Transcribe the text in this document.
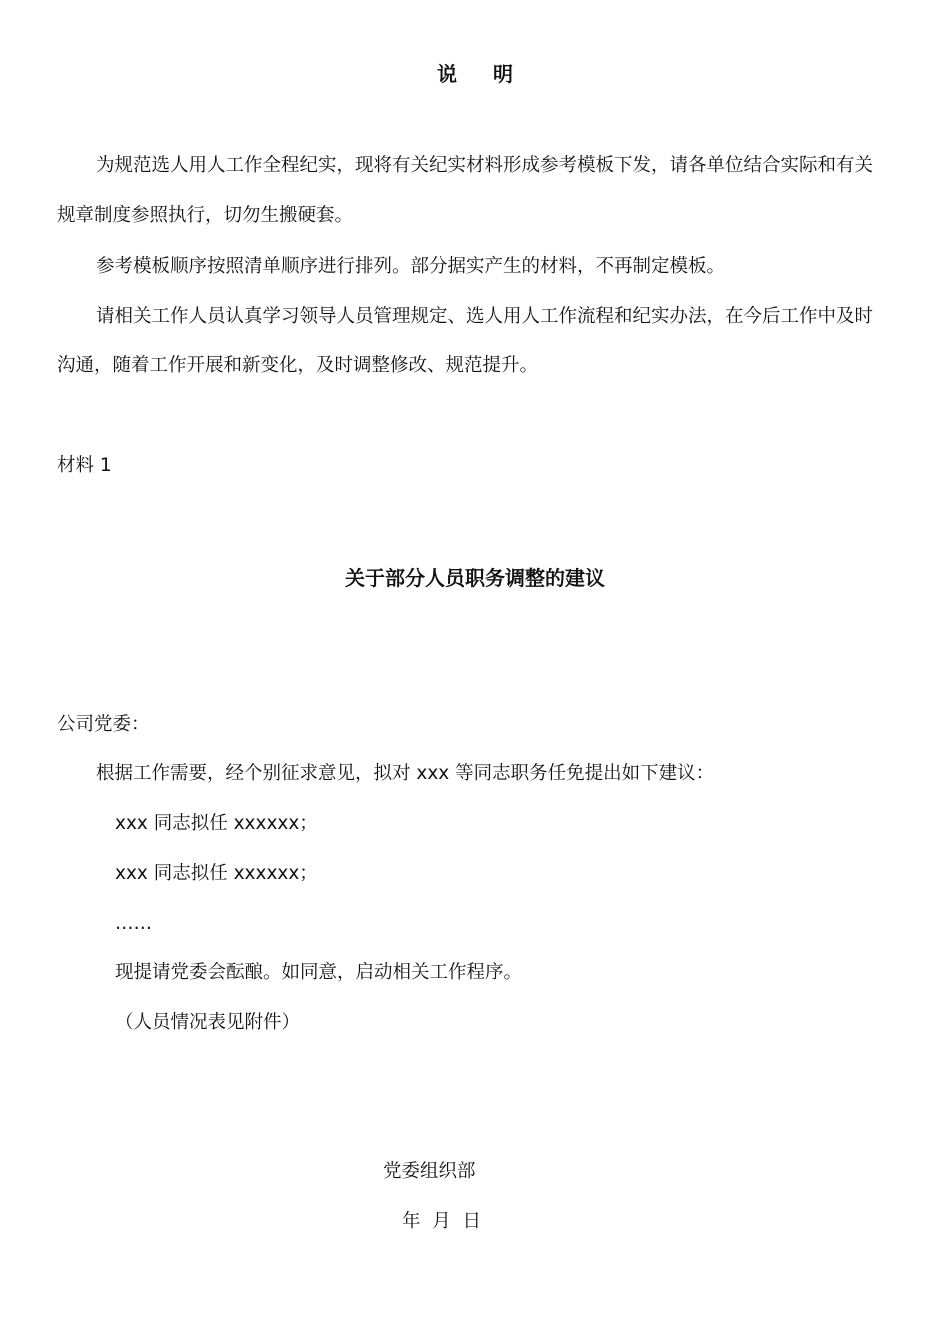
说 明
为规范选人用人工作全程纪实，现将有关纪实材料形成参考模板下发，请各单位结合实际和有关
规章制度参照执行，切勿生搬硬套。
参考模板顺序按照清单顺序进行排列。部分据实产生的材料，不再制定模板。
请相关工作人员认真学习领导人员管理规定、选人用人工作流程和纪实办法，在今后工作中及时
沟通，随着工作开展和新变化，及时调整修改、规范提升。
材料 1
关于部分人员职务调整的建议
公司党委：
根据工作需要，经个别征求意见，拟对 xxx 等同志职务任免提出如下建议：
xxx 同志拟任 xxxxxx；
xxx 同志拟任 xxxxxx；
……
现提请党委会酝酿。如同意，启动相关工作程序。
（人员情况表见附件）
党委组织部
年  月  日
